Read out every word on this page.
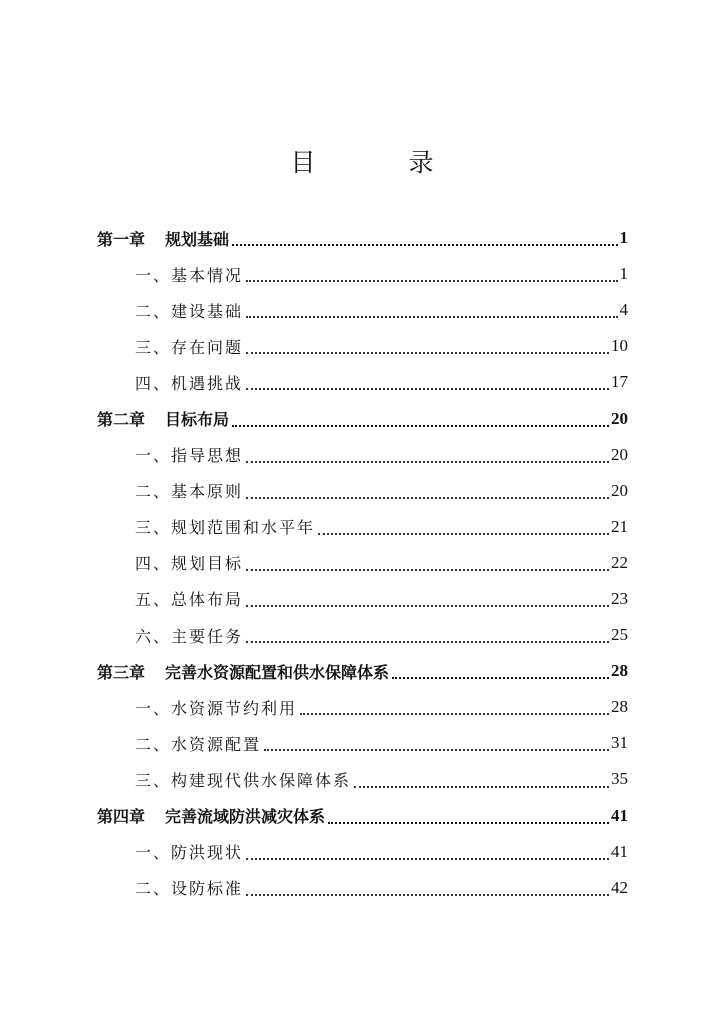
目　录
第一章 规划基础	1
一、基本情况	1
二、建设基础	4
三、存在问题	10
四、机遇挑战	17
第二章 目标布局	20
一、指导思想	20
二、基本原则	20
三、规划范围和水平年	21
四、规划目标	22
五、总体布局	23
六、主要任务	25
第三章 完善水资源配置和供水保障体系	28
一、水资源节约利用	28
二、水资源配置	31
三、构建现代供水保障体系	35
第四章 完善流域防洪减灾体系	41
一、防洪现状	41
二、设防标准	42
